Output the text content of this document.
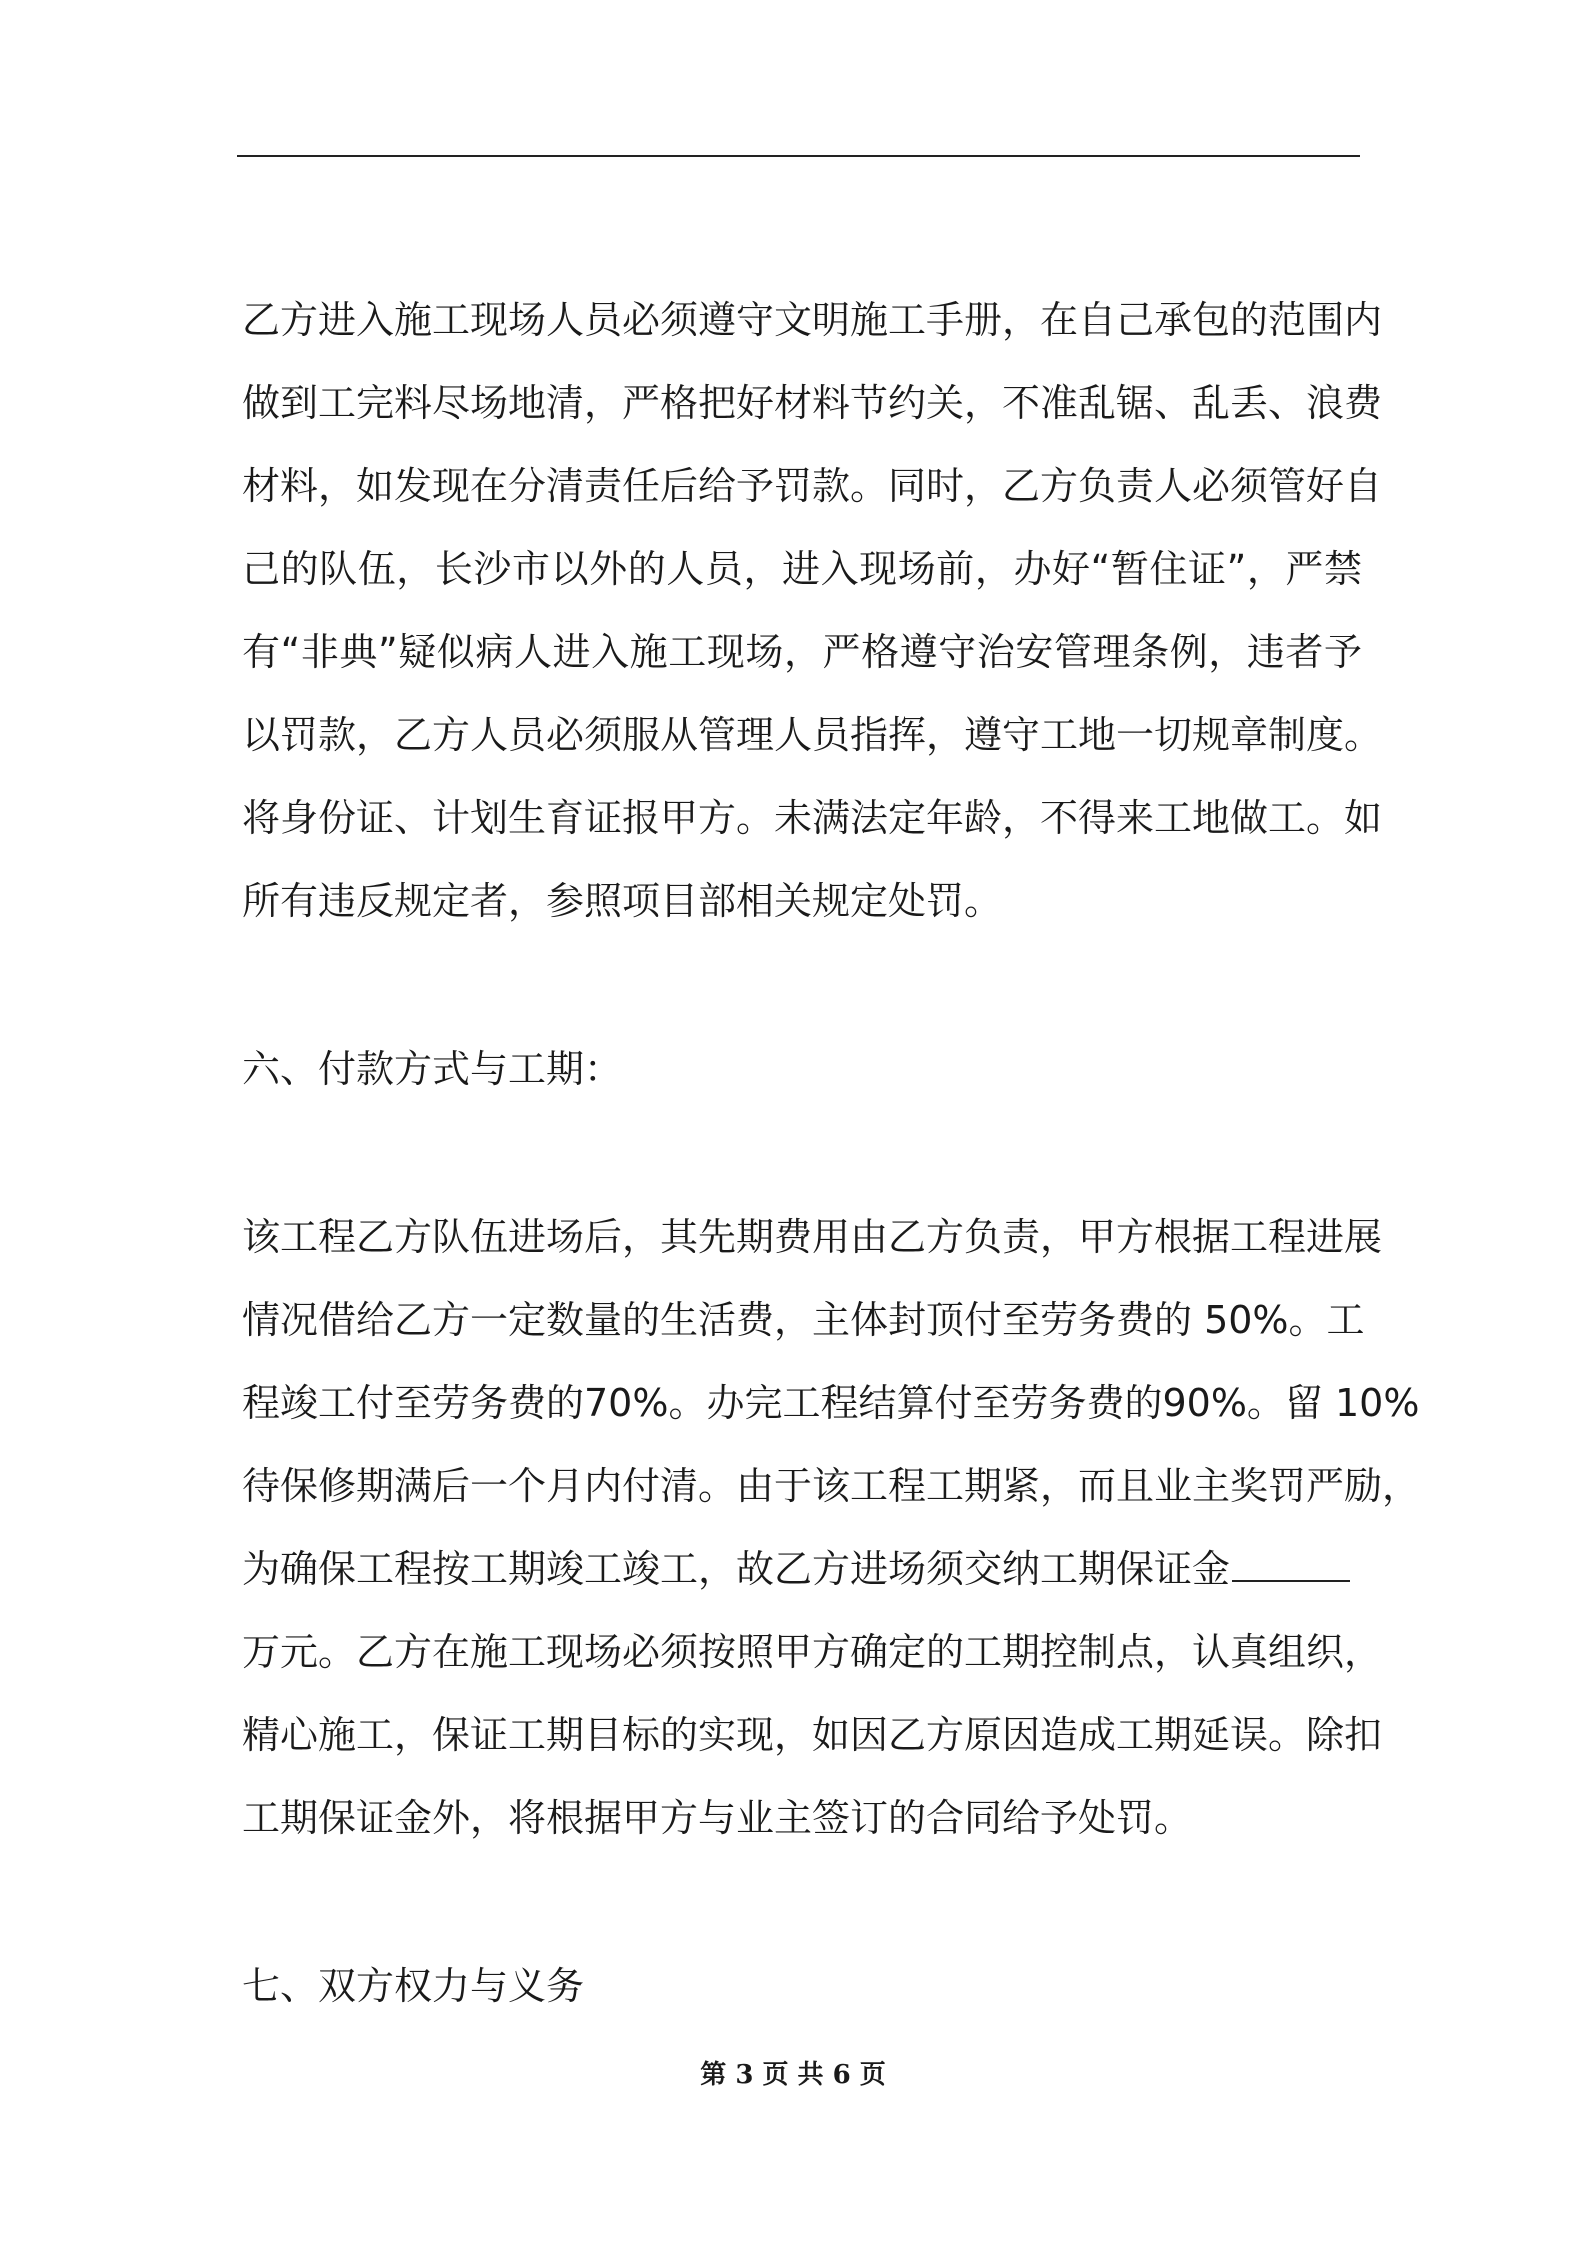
乙方进入施工现场人员必须遵守文明施工手册，在自己承包的范围内
做到工完料尽场地清，严格把好材料节约关，不准乱锯、乱丢、浪费
材料，如发现在分清责任后给予罚款。同时，乙方负责人必须管好自
己的队伍，长沙市以外的人员，进入现场前，办好“暂住证”，严禁
有“非典”疑似病人进入施工现场，严格遵守治安管理条例，违者予
以罚款，乙方人员必须服从管理人员指挥，遵守工地一切规章制度。
将身份证、计划生育证报甲方。未满法定年龄，不得来工地做工。如
所有违反规定者，参照项目部相关规定处罚。
六、付款方式与工期：
该工程乙方队伍进场后，其先期费用由乙方负责，甲方根据工程进展
情况借给乙方一定数量的生活费，主体封顶付至劳务费的 50%。工
程竣工付至劳务费的70%。办完工程结算付至劳务费的90%。留 10%
待保修期满后一个月内付清。由于该工程工期紧，而且业主奖罚严励，
为确保工程按工期竣工竣工，故乙方进场须交纳工期保证金
万元。乙方在施工现场必须按照甲方确定的工期控制点，认真组织，
精心施工，保证工期目标的实现，如因乙方原因造成工期延误。除扣
工期保证金外，将根据甲方与业主签订的合同给予处罚。
七、双方权力与义务
第 3 页 共 6 页
